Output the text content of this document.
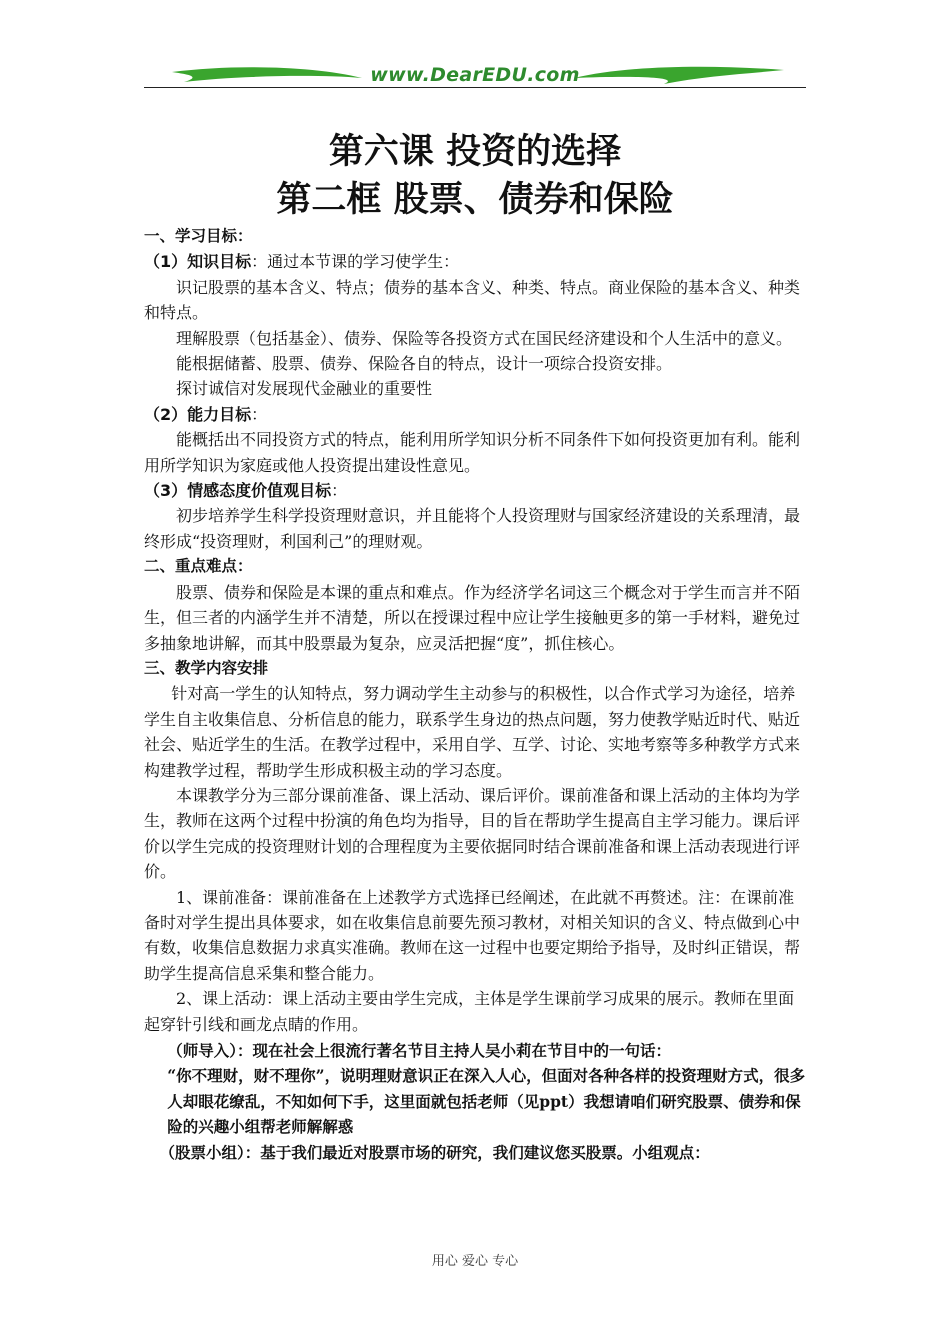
www.DearEDU.com
第六课 投资的选择
第二框 股票、债券和保险

一、学习目标：

（1）知识目标：通过本节课的学习使学生：

识记股票的基本含义、特点；债券的基本含义、种类、特点。商业保险的基本含义、种类和特点。

理解股票（包括基金）、债券、保险等各投资方式在国民经济建设和个人生活中的意义。

能根据储蓄、股票、债券、保险各自的特点，设计一项综合投资安排。

探讨诚信对发展现代金融业的重要性

（2）能力目标：

能概括出不同投资方式的特点，能利用所学知识分析不同条件下如何投资更加有利。能利用所学知识为家庭或他人投资提出建设性意见。

（3）情感态度价值观目标：

初步培养学生科学投资理财意识，并且能将个人投资理财与国家经济建设的关系理清，最终形成“投资理财，利国利己”的理财观。

二、重点难点：

股票、债券和保险是本课的重点和难点。作为经济学名词这三个概念对于学生而言并不陌生，但三者的内涵学生并不清楚，所以在授课过程中应让学生接触更多的第一手材料，避免过多抽象地讲解，而其中股票最为复杂，应灵活把握“度”，抓住核心。

三、教学内容安排

针对高一学生的认知特点，努力调动学生主动参与的积极性，以合作式学习为途径，培养学生自主收集信息、分析信息的能力，联系学生身边的热点问题，努力使教学贴近时代、贴近社会、贴近学生的生活。在教学过程中，采用自学、互学、讨论、实地考察等多种教学方式来构建教学过程，帮助学生形成积极主动的学习态度。

本课教学分为三部分课前准备、课上活动、课后评价。课前准备和课上活动的主体均为学生，教师在这两个过程中扮演的角色均为指导，目的旨在帮助学生提高自主学习能力。课后评价以学生完成的投资理财计划的合理程度为主要依据同时结合课前准备和课上活动表现进行评价。

1、课前准备：课前准备在上述教学方式选择已经阐述，在此就不再赘述。注：在课前准备时对学生提出具体要求，如在收集信息前要先预习教材，对相关知识的含义、特点做到心中有数，收集信息数据力求真实准确。教师在这一过程中也要定期给予指导，及时纠正错误，帮助学生提高信息采集和整合能力。

2、课上活动：课上活动主要由学生完成，主体是学生课前学习成果的展示。教师在里面起穿针引线和画龙点睛的作用。

（师导入）：现在社会上很流行著名节目主持人吴小莉在节目中的一句话：

“你不理财，财不理你”，说明理财意识正在深入人心，但面对各种各样的投资理财方式，很多人却眼花缭乱，不知如何下手，这里面就包括老师（见ppt）我想请咱们研究股票、债券和保险的兴趣小组帮老师解解惑

（股票小组）：基于我们最近对股票市场的研究，我们建议您买股票。小组观点：

用心 爱心 专心
